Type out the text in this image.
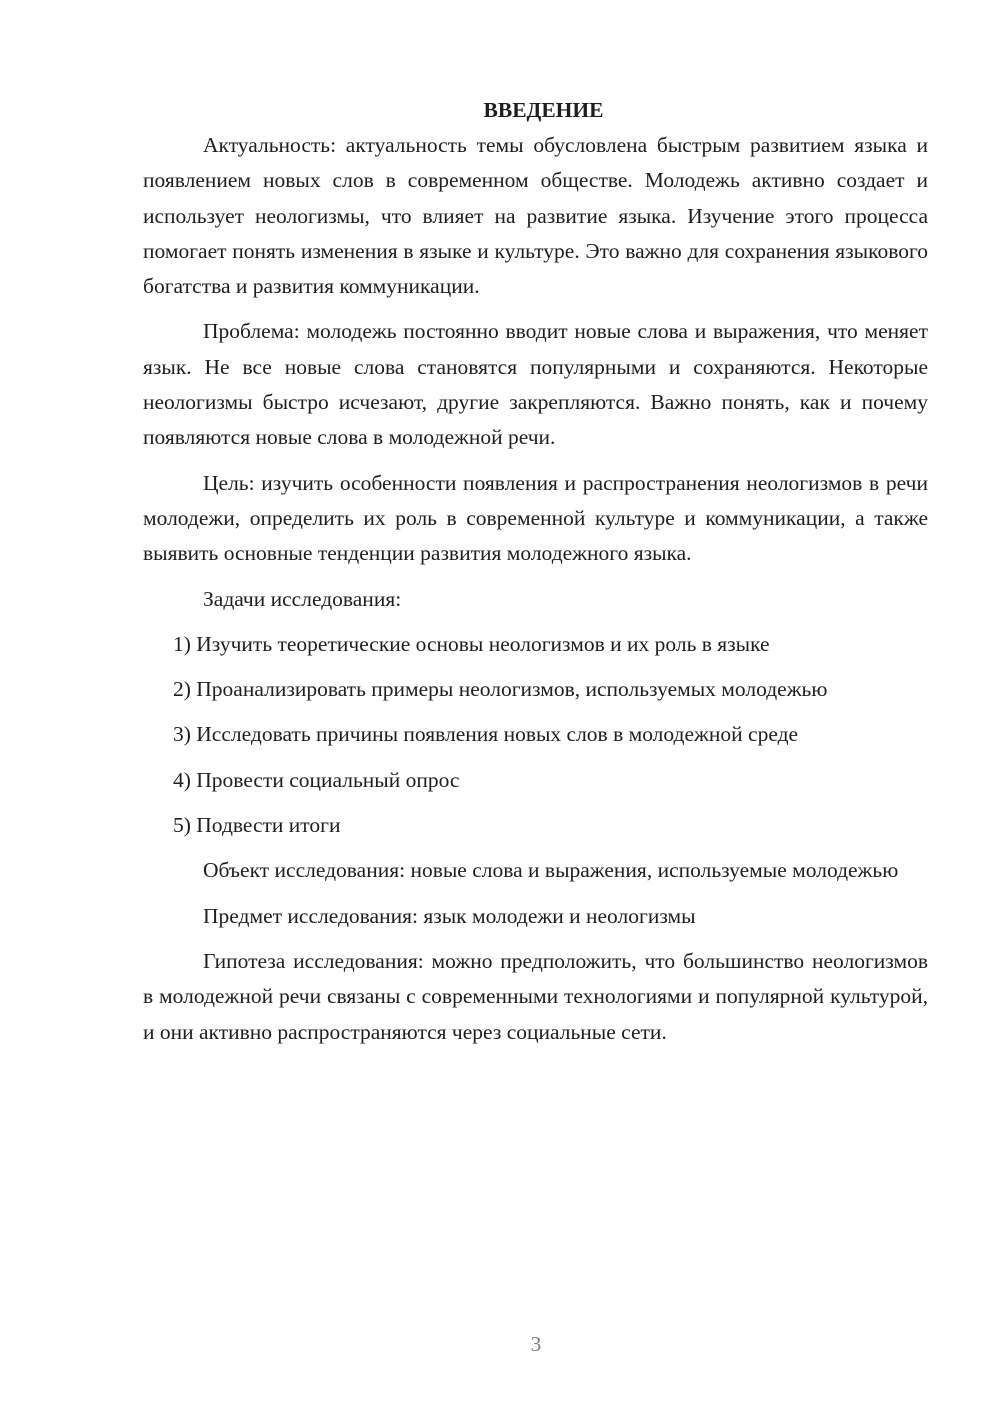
ВВЕДЕНИЕ

Актуальность: актуальность темы обусловлена быстрым развитием языка и появлением новых слов в современном обществе. Молодежь активно создает и использует неологизмы, что влияет на развитие языка. Изучение этого процесса помогает понять изменения в языке и культуре. Это важно для сохранения языкового богатства и развития коммуникации.

Проблема: молодежь постоянно вводит новые слова и выражения, что меняет язык. Не все новые слова становятся популярными и сохраняются. Некоторые неологизмы быстро исчезают, другие закрепляются. Важно понять, как и почему появляются новые слова в молодежной речи.

Цель: изучить особенности появления и распространения неологизмов в речи молодежи, определить их роль в современной культуре и коммуникации, а также выявить основные тенденции развития молодежного языка.

Задачи исследования:

1) Изучить теоретические основы неологизмов и их роль в языке

2) Проанализировать примеры неологизмов, используемых молодежью

3) Исследовать причины появления новых слов в молодежной среде

4) Провести социальный опрос

5) Подвести итоги

Объект исследования: новые слова и выражения, используемые молодежью

Предмет исследования: язык молодежи и неологизмы

Гипотеза исследования: можно предположить, что большинство неологизмов в молодежной речи связаны с современными технологиями и популярной культурой, и они активно распространяются через социальные сети.

3
